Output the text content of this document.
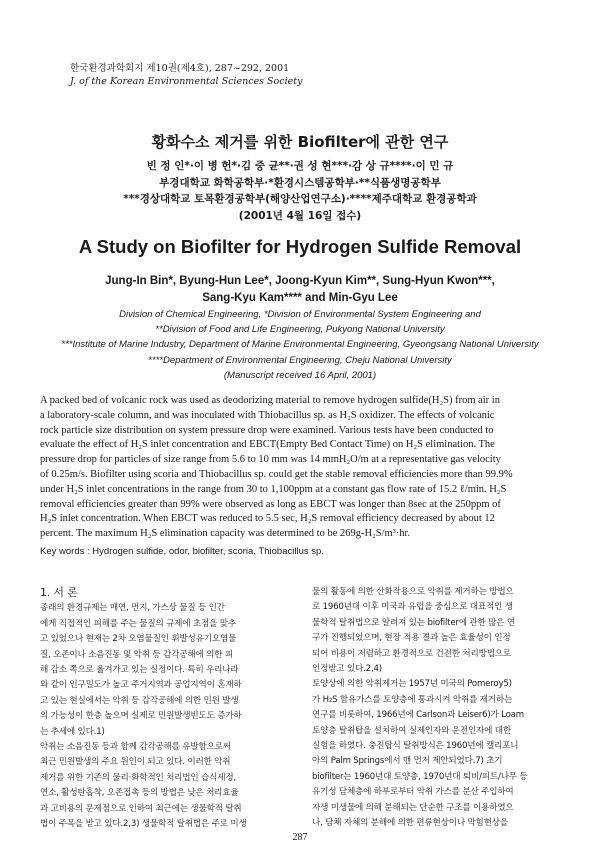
한국환경과학회지 제10권(제4호), 287~292, 2001
J. of the Korean Environmental Sciences Society
황화수소 제거를 위한 Biofilter에 관한 연구
빈 정 인*·이 병 헌*·김 중 균**·권 성 현***·감 상 규****·이 민 규
부경대학교 화학공학부·*환경시스템공학부·**식품생명공학부
***경상대학교 토목환경공학부(해양산업연구소)·****제주대학교 환경공학과
(2001년 4월 16일 접수)
A Study on Biofilter for Hydrogen Sulfide Removal
Jung-In Bin*, Byung-Hun Lee*, Joong-Kyun Kim**, Sung-Hyun Kwon***,
Sang-Kyu Kam**** and Min-Gyu Lee
Division of Chemical Engineering, *Division of Environmental System Engineering and
**Division of Food and Life Engineering, Pukyong National University
***Institute of Marine Industry, Department of Marine Environmental Engineering, Gyeongsang National University
****Department of Environmental Engineering, Cheju National University
(Manuscript received 16 April, 2001)
A packed bed of volcanic rock was used as deodorizing material to remove hydrogen sulfide(H₂S) from air in
a laboratory-scale column, and was inoculated with Thiobacillus sp. as H₂S oxidizer. The effects of volcanic
rock particle size distribution on system pressure drop were examined. Various tests have been conducted to
evaluate the effect of H₂S inlet concentration and EBCT(Empty Bed Contact Time) on H₂S elimination. The
pressure drop for particles of size range from 5.6 to 10 mm was 14 mmH₂O/m at a representative gas velocity
of 0.25m/s. Biofilter using scoria and Thiobacillus sp. could get the stable removal efficiencies more than 99.9%
under H₂S inlet concentrations in the range from 30 to 1,100ppm at a constant gas flow rate of 15.2 ℓ/min. H₂S
removal efficiencies greater than 99% were observed as long as EBCT was longer than 8sec at the 250ppm of
H₂S inlet concentration. When EBCT was reduced to 5.5 sec, H₂S removal efficiency decreased by about 12
percent. The maximum H₂S elimination capacity was determined to be 269g-H₂S/m³·hr.
Key words : Hydrogen sulfide, odor, biofilter, scoria, Thiobacillus sp.
1. 서 론
종래의 환경규제는 매연, 먼지, 가스상 물질 등 인간
에게 직접적인 피해를 주는 물질의 규제에 초점을 맞추
고 있었으나 현재는 2차 오염물질인 휘발성유기오염물
질, 오존이나 소음진동 및 악취 등 감각공해에 의한 피
해 감소 쪽으로 옮겨가고 있는 실정이다. 특히 우리나라
와 같이 인구밀도가 높고 주거지역과 공업지역이 혼재하
고 있는 현실에서는 악취 등 감각공해에 의한 민원 발생
의 가능성이 한층 높으며 실제로 민원발생빈도도 증가하
는 추세에 있다.1)
악취는 소음진동 등과 함께 감각공해를 유발함으로써
최근 민원발생의 주요 원인이 되고 있다. 이러한 악취
제거를 위한 기존의 물리·화학적인 처리법인 습식세정,
연소, 활성탄흡착, 오존접촉 등의 방법은 낮은 처리효율
과 고비용의 문제점으로 인하여 최근에는 생물학적 탈취
법이 주목을 받고 있다.2,3) 생물학적 탈취법은 주로 미생
물의 활동에 의한 산화작용으로 악취를 제거하는 방법으
로 1960년대 이후 미국과 유럽을 중심으로 대표적인 생
물학적 탈취법으로 알려져 있는 biofilter에 관한 많은 연
구가 진행되었으며, 현장 적용 결과 높은 효율성이 인정
되어 비용이 저렴하고 환경적으로 건전한 처리방법으로
인정받고 있다.2,4)
토양상에 의한 악취제거는 1957년 미국의 Pomeroy5)
가 H₂S 함유가스를 토양층에 통과시켜 악취를 제거하는
연구를 비롯하여, 1966년에 Carlson과 Leiser6)가 Loam
토양층 탈취탑을 설치하여 실제인자와 운전인자에 대한
실험을 하였다. 충진탑식 탈취방식은 1960년에 캘리포니
아의 Palm Springs에서 맨 먼저 제안되었다.7) 초기
biofilter는 1960년대 토양층, 1970년대 퇴비/피트/나무 등
유기성 담체층에 하부로부터 악취 가스를 분산 주입하여
자생 미생물에 의해 분해되는 단순한 구조를 이용하였으
나, 담체 자체의 분해에 의한 편류현상이나 막힘현상을
287
